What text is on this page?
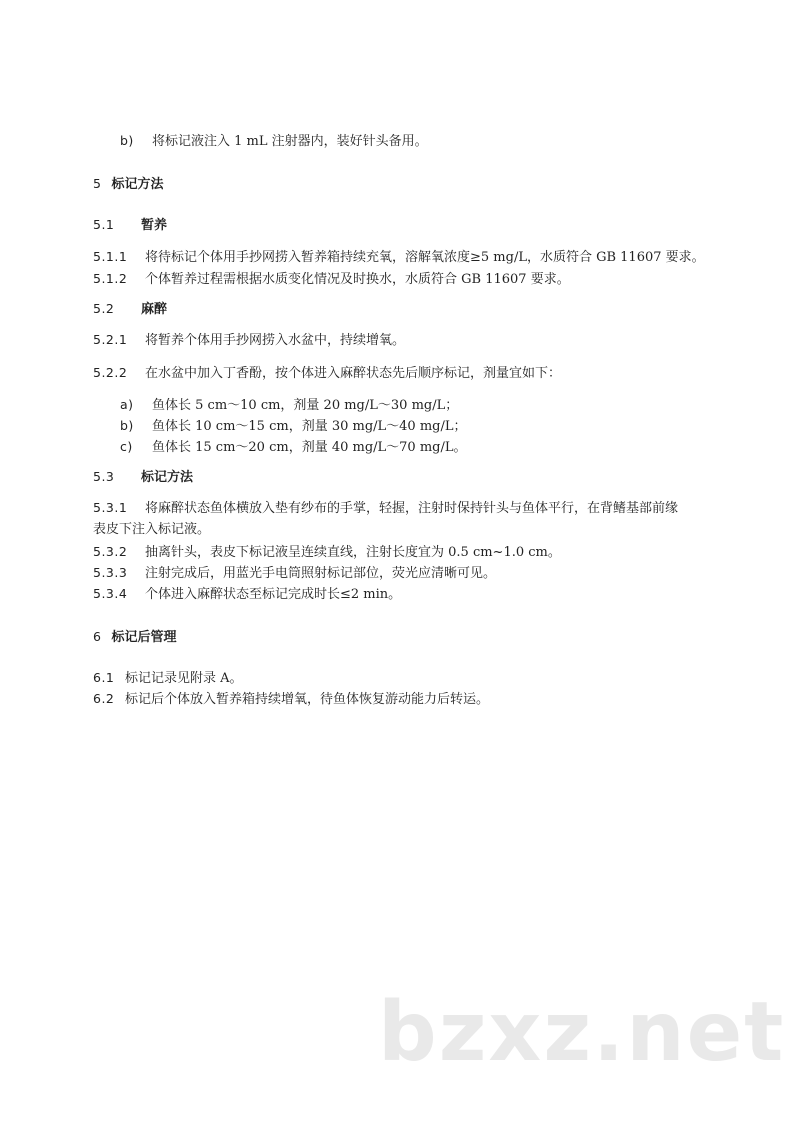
b) 将标记液注入 1 mL 注射器内，装好针头备用。
5 标记方法
5.1 暂养
5.1.1 将待标记个体用手抄网捞入暂养箱持续充氧，溶解氧浓度≥5 mg/L，水质符合 GB 11607 要求。
5.1.2 个体暂养过程需根据水质变化情况及时换水，水质符合 GB 11607 要求。
5.2 麻醉
5.2.1 将暂养个体用手抄网捞入水盆中，持续增氧。
5.2.2 在水盆中加入丁香酚，按个体进入麻醉状态先后顺序标记，剂量宜如下：
a) 鱼体长 5 cm～10 cm，剂量 20 mg/L～30 mg/L；
b) 鱼体长 10 cm～15 cm，剂量 30 mg/L～40 mg/L；
c) 鱼体长 15 cm～20 cm，剂量 40 mg/L～70 mg/L。
5.3 标记方法
5.3.1 将麻醉状态鱼体横放入垫有纱布的手掌，轻握，注射时保持针头与鱼体平行，在背鳍基部前缘
表皮下注入标记液。
5.3.2 抽离针头，表皮下标记液呈连续直线，注射长度宜为 0.5 cm~1.0 cm。
5.3.3 注射完成后，用蓝光手电筒照射标记部位，荧光应清晰可见。
5.3.4 个体进入麻醉状态至标记完成时长≤2 min。
6 标记后管理
6.1 标记记录见附录 A。
6.2 标记后个体放入暂养箱持续增氧，待鱼体恢复游动能力后转运。
bzxz.net
